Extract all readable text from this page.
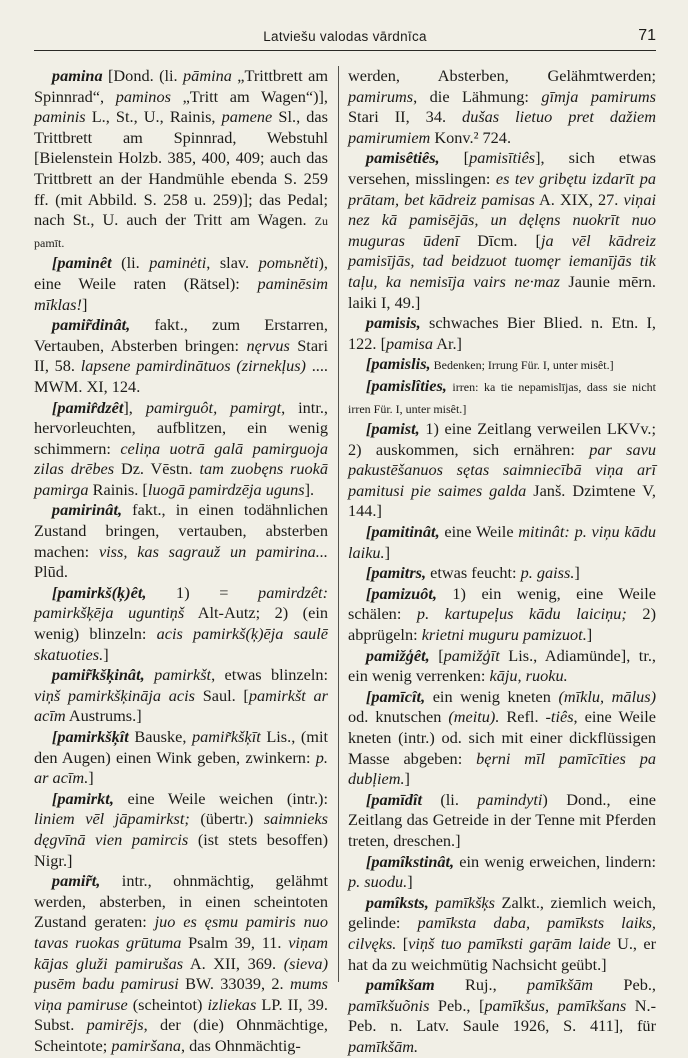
Latviešu valodas vārdnīca	71

pamina [Dond. (li. pāmina „Trittbrett am Spinnrad“, paminos „Tritt am Wagen“)], paminis L., St., U., Rainis, pamene Sl., das Trittbrett am Spinnrad, Webstuhl [Bielenstein Holzb. 385, 400, 409; auch das Trittbrett an der Handmühle ebenda S. 259 ff. (mit Abbild. S. 258 u. 259)]; das Pedal; nach St., U. auch der Tritt am Wagen. Zu pamīt.

[paminêt (li. paminėti, slav. pomьněti), eine Weile raten (Rätsel): paminēsim mīklas!]

pamir̃dinât, fakt., zum Erstarren, Vertauben, Absterben bringen: nęrvus Stari II, 58. lapsene pamirdinātuos (zirnekļus) .... MWM. XI, 124.

[pamir̂dzêt], pamirguôt, pamirgt, intr., hervorleuchten, aufblitzen, ein wenig schimmern: celiņa uotrā galā pamirguoja zilas drēbes Dz. Vēstn. tam zuobęns ruokā pamirga Rainis. [luogā pamirdzēja uguns].

pamirinât, fakt., in einen todähnlichen Zustand bringen, vertauben, absterben machen: viss, kas sagrauž un pamirina... Plūd.

[pamirkš(ķ)êt, 1) = pamirdzêt: pamirkšķēja uguntiņš Alt-Autz; 2) (ein wenig) blinzeln: acis pamirkš(ķ)ēja saulē skatuoties.]

pamir̃kšķinât, pamirkšt, etwas blinzeln: viņš pamirkšķināja acis Saul. [pamirkšt ar acīm Austrums.]

[pamirkšķît Bauske, pamir̃kšķīt Lis., (mit den Augen) einen Wink geben, zwinkern: p. ar acīm.]

[pamirkt, eine Weile weichen (intr.): liniem vēl jāpamirkst; (übertr.) saimnieks dęgvīnā vien pamircis (ist stets besoffen) Nigr.]

pamir̃t, intr., ohnmächtig, gelähmt werden, absterben, in einen scheintoten Zustand geraten: juo es ęsmu pamiris nuo tavas ruokas grūtuma Psalm 39, 11. viņam kājas gluži pamirušas A. XII, 369. (sieva) pusēm badu pamirusi BW. 33039, 2. mums viņa pamiruse (scheintot) izliekas LP. II, 39. Subst. pamirējs, der (die) Ohnmächtige, Scheintote; pamiršana, das Ohnmächtig-

werden, Absterben, Gelähmtwerden; pamirums, die Lähmung: gīmja pamirums Stari II, 34. dušas lietuo pret dažiem pamirumiem Konv.² 724.

pamisêtiês, [pamisītiês], sich etwas versehen, misslingen: es tev gribętu izdarīt pa prātam, bet kādreiz pamisas A. XIX, 27. viņai nez kā pamisējās, un dęlęns nuokrīt nuo muguras ūdenī Dīcm. [ja vēl kādreiz pamisījās, tad beidzuot tuomęr iemanījās tik taļu, ka nemisīja vairs ne·maz Jaunie mērn. laiki I, 49.]

pamisis, schwaches Bier Blied. n. Etn. I, 122. [pamisa Ar.]

[pamislis, Bedenken; Irrung Für. I, unter misêt.]

[pamislîties, irren: ka tie nepamislījas, dass sie nicht irren Für. I, unter misêt.]

[pamist, 1) eine Zeitlang verweilen LKVv.; 2) auskommen, sich ernähren: par savu pakustēšanuos sętas saimniecībā viņa arī pamitusi pie saimes galda Janš. Dzimtene V, 144.]

[pamitinât, eine Weile mitinât: p. viņu kādu laiku.]

[pamitrs, etwas feucht: p. gaiss.]

[pamizuôt, 1) ein wenig, eine Weile schälen: p. kartupeļus kādu laiciņu; 2) abprügeln: krietni muguru pamizuot.]

pamižģêt, [pamižģīt Lis., Adiamünde], tr., ein wenig verrenken: kāju, ruoku.

[pamīcît, ein wenig kneten (mīklu, mālus) od. knutschen (meitu). Refl. -tiês, eine Weile kneten (intr.) od. sich mit einer dickflüssigen Masse abgeben: bęrni mīl pamīcīties pa dubļiem.]

[pamīdît (li. pamindyti) Dond., eine Zeitlang das Getreide in der Tenne mit Pferden treten, dreschen.]

[pamîkstinât, ein wenig erweichen, lindern: p. suodu.]

pamîksts, pamīkšķs Zalkt., ziemlich weich, gelinde: pamīksta daba, pamīksts laiks, cilvęks. [viņš tuo pamīksti gaŗām laide U., er hat da zu weichmütig Nachsicht geübt.]

pamîkšam Ruj., pamīkšām Peb., pamīkšuõnis Peb., [pamīkšus, pamīkšans N.-Peb. n. Latv. Saule 1926, S. 411], für pamīkšām.
